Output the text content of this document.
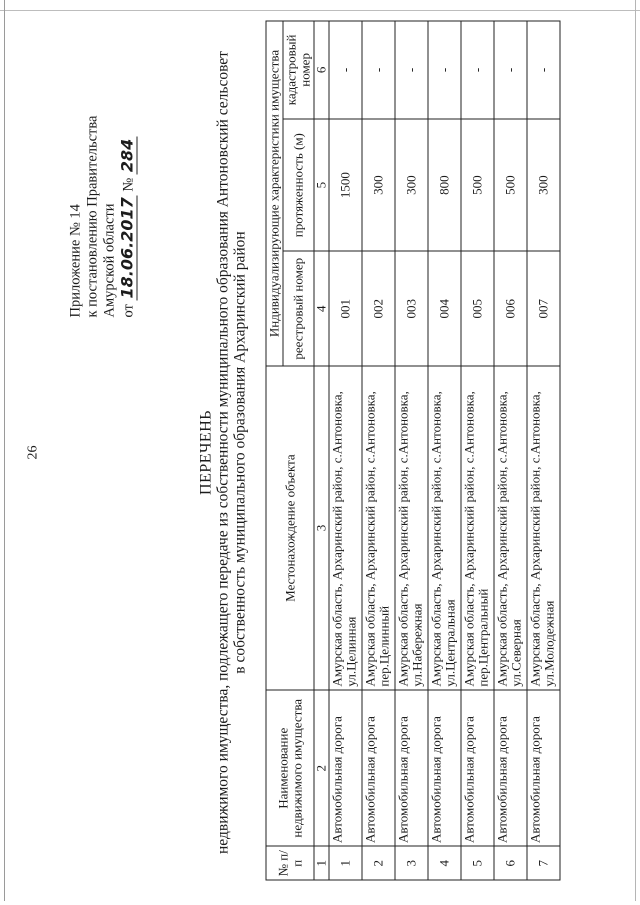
26
Приложение № 14 к постановлению Правительства Амурской области от 18.06.2017 № 284
ПЕРЕЧЕНЬ недвижимого имущества, подлежащего передаче из собственности муниципального образования Антоновский сельсовет в собственность муниципального образования Архаринский район
№ п/п	Наименование недвижимого имущества	Местонахождение объекта	Индивидуализирующие характеристики имущества		
			реестровый номер	протяженность (м)	кадастровый номер
1	2	3	4	5	6
1	Автомобильная дорога	Амурская область, Архаринский район, с.Антоновка, ул.Целинная	001	1500	-
2	Автомобильная дорога	Амурская область, Архаринский район, с.Антоновка, пер.Целинный	002	300	-
3	Автомобильная дорога	Амурская область, Архаринский район, с.Антоновка, ул.Набережная	003	300	-
4	Автомобильная дорога	Амурская область, Архаринский район, с.Антоновка, ул.Центральная	004	800	-
5	Автомобильная дорога	Амурская область, Архаринский район, с.Антоновка, пер.Центральный	005	500	-
6	Автомобильная дорога	Амурская область, Архаринский район, с.Антоновка, ул.Северная	006	500	-
7	Автомобильная дорога	Амурская область, Архаринский район, с.Антоновка, ул.Молодежная	007	300	-
